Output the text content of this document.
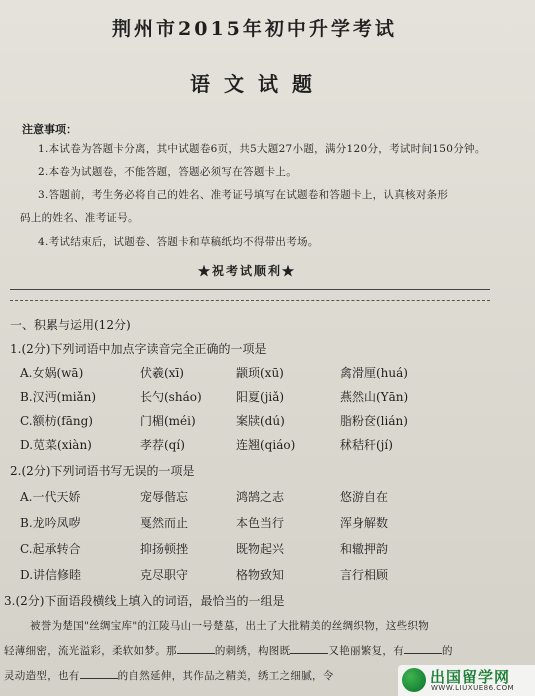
荆州市2015年初中升学考试
语文试题
注意事项：
1.本试卷为答题卡分离，其中试题卷6页，共5大题27小题，满分120分，考试时间150分钟。
2.本卷为试题卷，不能答题，答题必须写在答题卡上。
3.答题前，考生务必将自己的姓名、准考证号填写在试题卷和答题卡上，认真核对条形
码上的姓名、准考证号。
4.考试结束后，试题卷、答题卡和草稿纸均不得带出考场。
★祝考试顺利★
一、积累与运用(12分)
1.(2分)下列词语中加点字读音完全正确的一项是
A.女娲(wā)	伏羲(xī)	颛顼(xū)	禽滑厘(huá)
B.汉沔(miǎn)	长勺(sháo)	阳夏(jiǎ)	燕然山(Yān)
C.额枋(fāng)	门楣(méi)	案牍(dú)	脂粉奁(lián)
D.苋菜(xiàn)	孝荐(qí)	连翘(qiáo)	秫秸秆(jí)
2.(2分)下列词语书写无误的一项是
A.一代天娇	宠辱偕忘	鸿鹄之志	悠游自在
B.龙吟凤哕	戛然而止	本色当行	浑身解数
C.起承转合	抑扬顿挫	既物起兴	和辙押韵
D.讲信修睦	克尽职守	格物致知	言行相顾
3.(2分)下面语段横线上填入的词语，最恰当的一组是
被誉为楚国"丝绸宝库"的江陵马山一号楚墓，出土了大批精美的丝绸织物，这些织物
轻薄细密，流光溢彩，柔软如梦。那	的刺绣，构图既	又艳丽繁复，有	的
灵动造型，也有	的自然延伸，其作品之精美，绣工之细腻，令	出国留学网
WWW.LIUXUE86.COM
